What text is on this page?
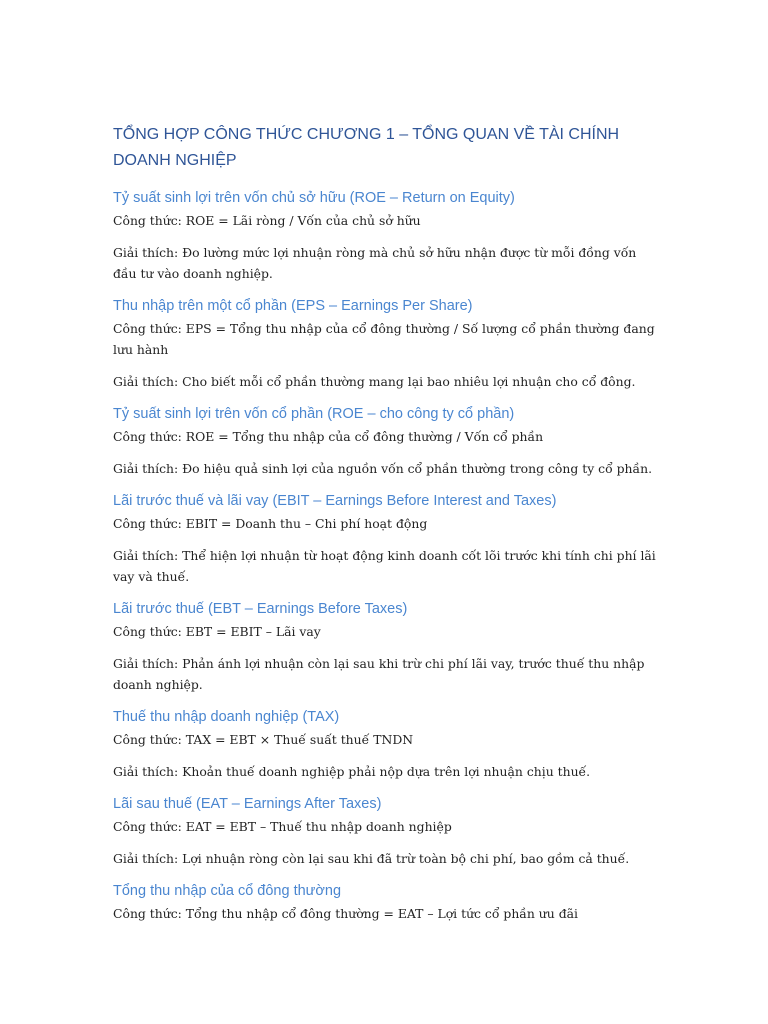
TỔNG HỢP CÔNG THỨC CHƯƠNG 1 – TỔNG QUAN VỀ TÀI CHÍNH DOANH NGHIỆP
Tỷ suất sinh lợi trên vốn chủ sở hữu (ROE – Return on Equity)

Công thức: ROE = Lãi ròng / Vốn của chủ sở hữu

Giải thích: Đo lường mức lợi nhuận ròng mà chủ sở hữu nhận được từ mỗi đồng vốn đầu tư vào doanh nghiệp.

Thu nhập trên một cổ phần (EPS – Earnings Per Share)

Công thức: EPS = Tổng thu nhập của cổ đông thường / Số lượng cổ phần thường đang lưu hành

Giải thích: Cho biết mỗi cổ phần thường mang lại bao nhiêu lợi nhuận cho cổ đông.

Tỷ suất sinh lợi trên vốn cổ phần (ROE – cho công ty cổ phần)

Công thức: ROE = Tổng thu nhập của cổ đông thường / Vốn cổ phần

Giải thích: Đo hiệu quả sinh lợi của nguồn vốn cổ phần thường trong công ty cổ phần.

Lãi trước thuế và lãi vay (EBIT – Earnings Before Interest and Taxes)

Công thức: EBIT = Doanh thu – Chi phí hoạt động

Giải thích: Thể hiện lợi nhuận từ hoạt động kinh doanh cốt lõi trước khi tính chi phí lãi vay và thuế.

Lãi trước thuế (EBT – Earnings Before Taxes)

Công thức: EBT = EBIT – Lãi vay

Giải thích: Phản ánh lợi nhuận còn lại sau khi trừ chi phí lãi vay, trước thuế thu nhập doanh nghiệp.

Thuế thu nhập doanh nghiệp (TAX)

Công thức: TAX = EBT × Thuế suất thuế TNDN

Giải thích: Khoản thuế doanh nghiệp phải nộp dựa trên lợi nhuận chịu thuế.

Lãi sau thuế (EAT – Earnings After Taxes)

Công thức: EAT = EBT – Thuế thu nhập doanh nghiệp

Giải thích: Lợi nhuận ròng còn lại sau khi đã trừ toàn bộ chi phí, bao gồm cả thuế.

Tổng thu nhập của cổ đông thường

Công thức: Tổng thu nhập cổ đông thường = EAT – Lợi tức cổ phần ưu đãi
